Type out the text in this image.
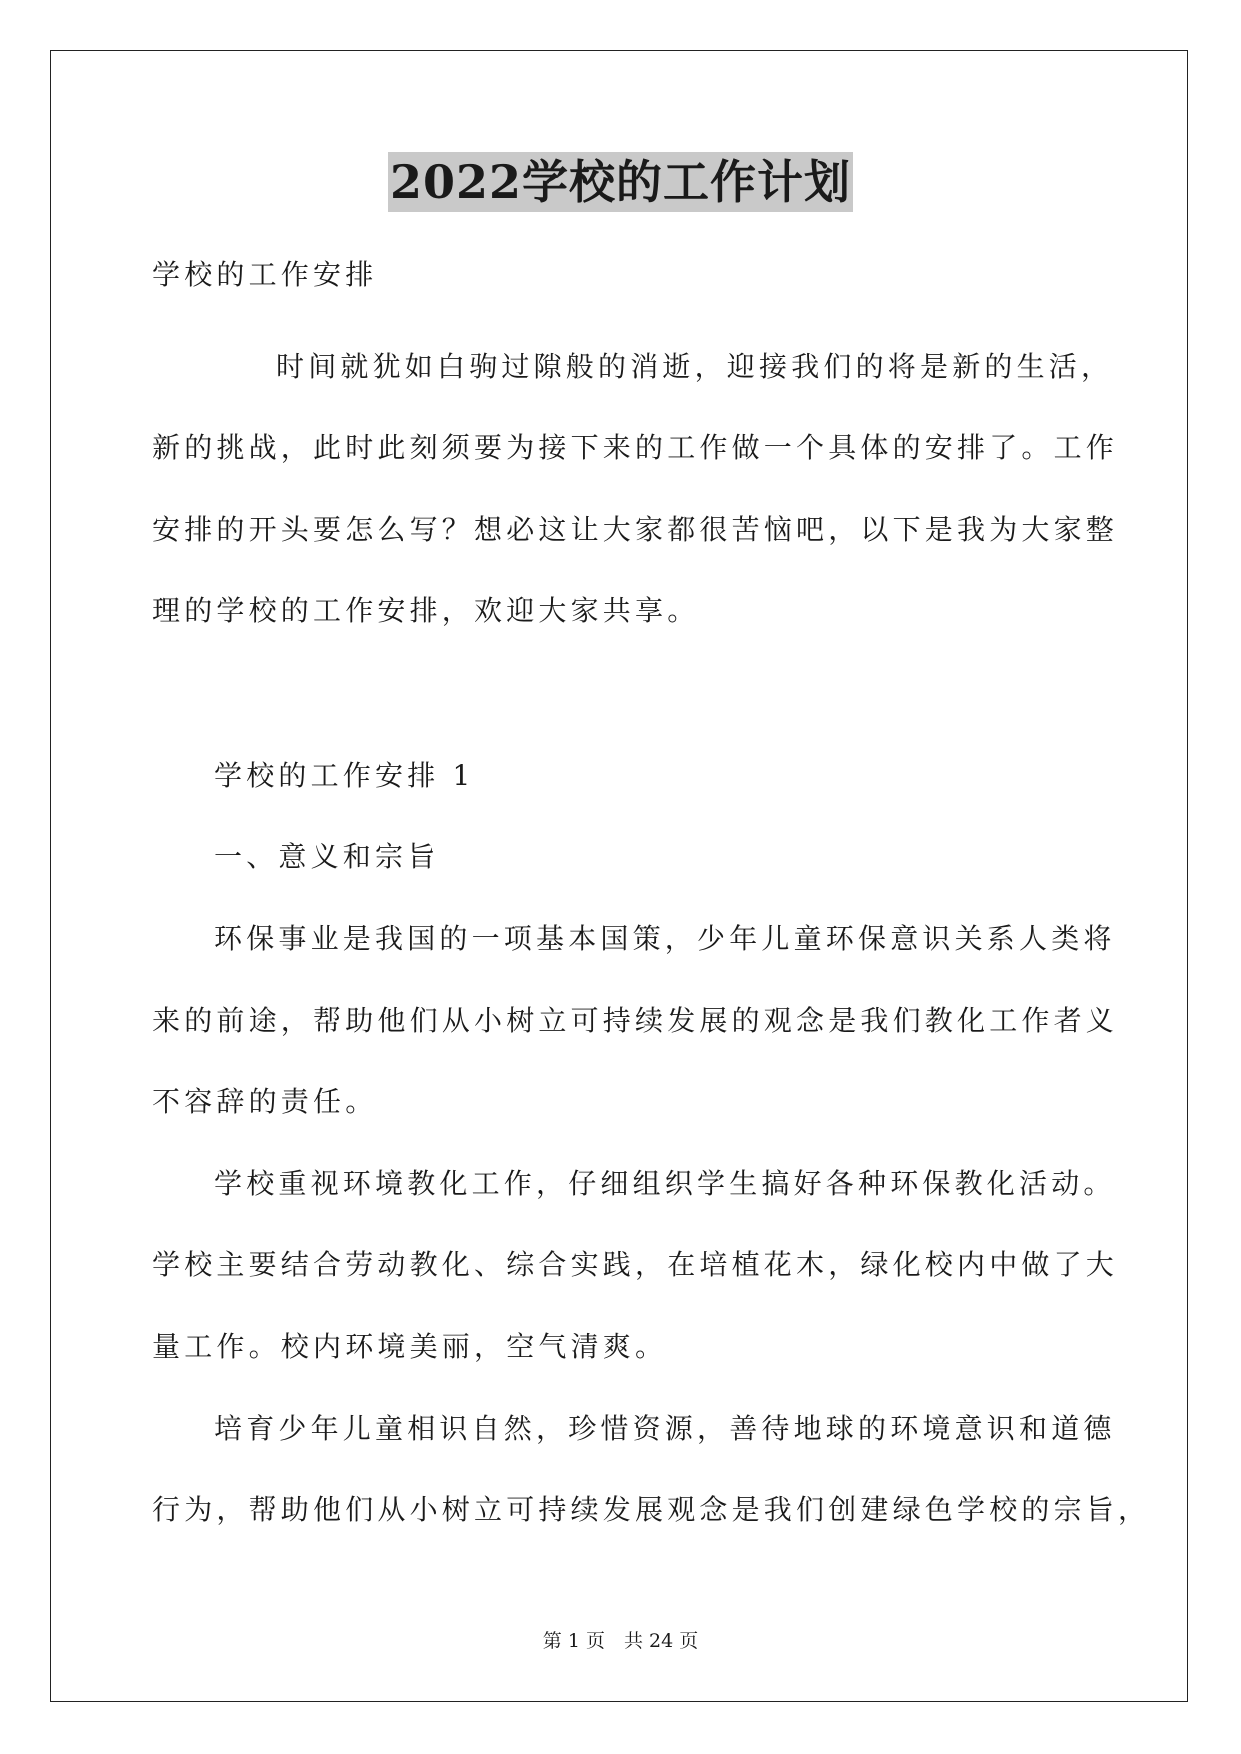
2022学校的工作计划
学校的工作安排
时间就犹如白驹过隙般的消逝，迎接我们的将是新的生活，
新的挑战，此时此刻须要为接下来的工作做一个具体的安排了。工作
安排的开头要怎么写？想必这让大家都很苦恼吧，以下是我为大家整
理的学校的工作安排，欢迎大家共享。
学校的工作安排 1
一、意义和宗旨
环保事业是我国的一项基本国策，少年儿童环保意识关系人类将
来的前途，帮助他们从小树立可持续发展的观念是我们教化工作者义
不容辞的责任。
学校重视环境教化工作，仔细组织学生搞好各种环保教化活动。
学校主要结合劳动教化、综合实践，在培植花木，绿化校内中做了大
量工作。校内环境美丽，空气清爽。
培育少年儿童相识自然，珍惜资源，善待地球的环境意识和道德
行为，帮助他们从小树立可持续发展观念是我们创建绿色学校的宗旨，
第 1 页　共 24 页
